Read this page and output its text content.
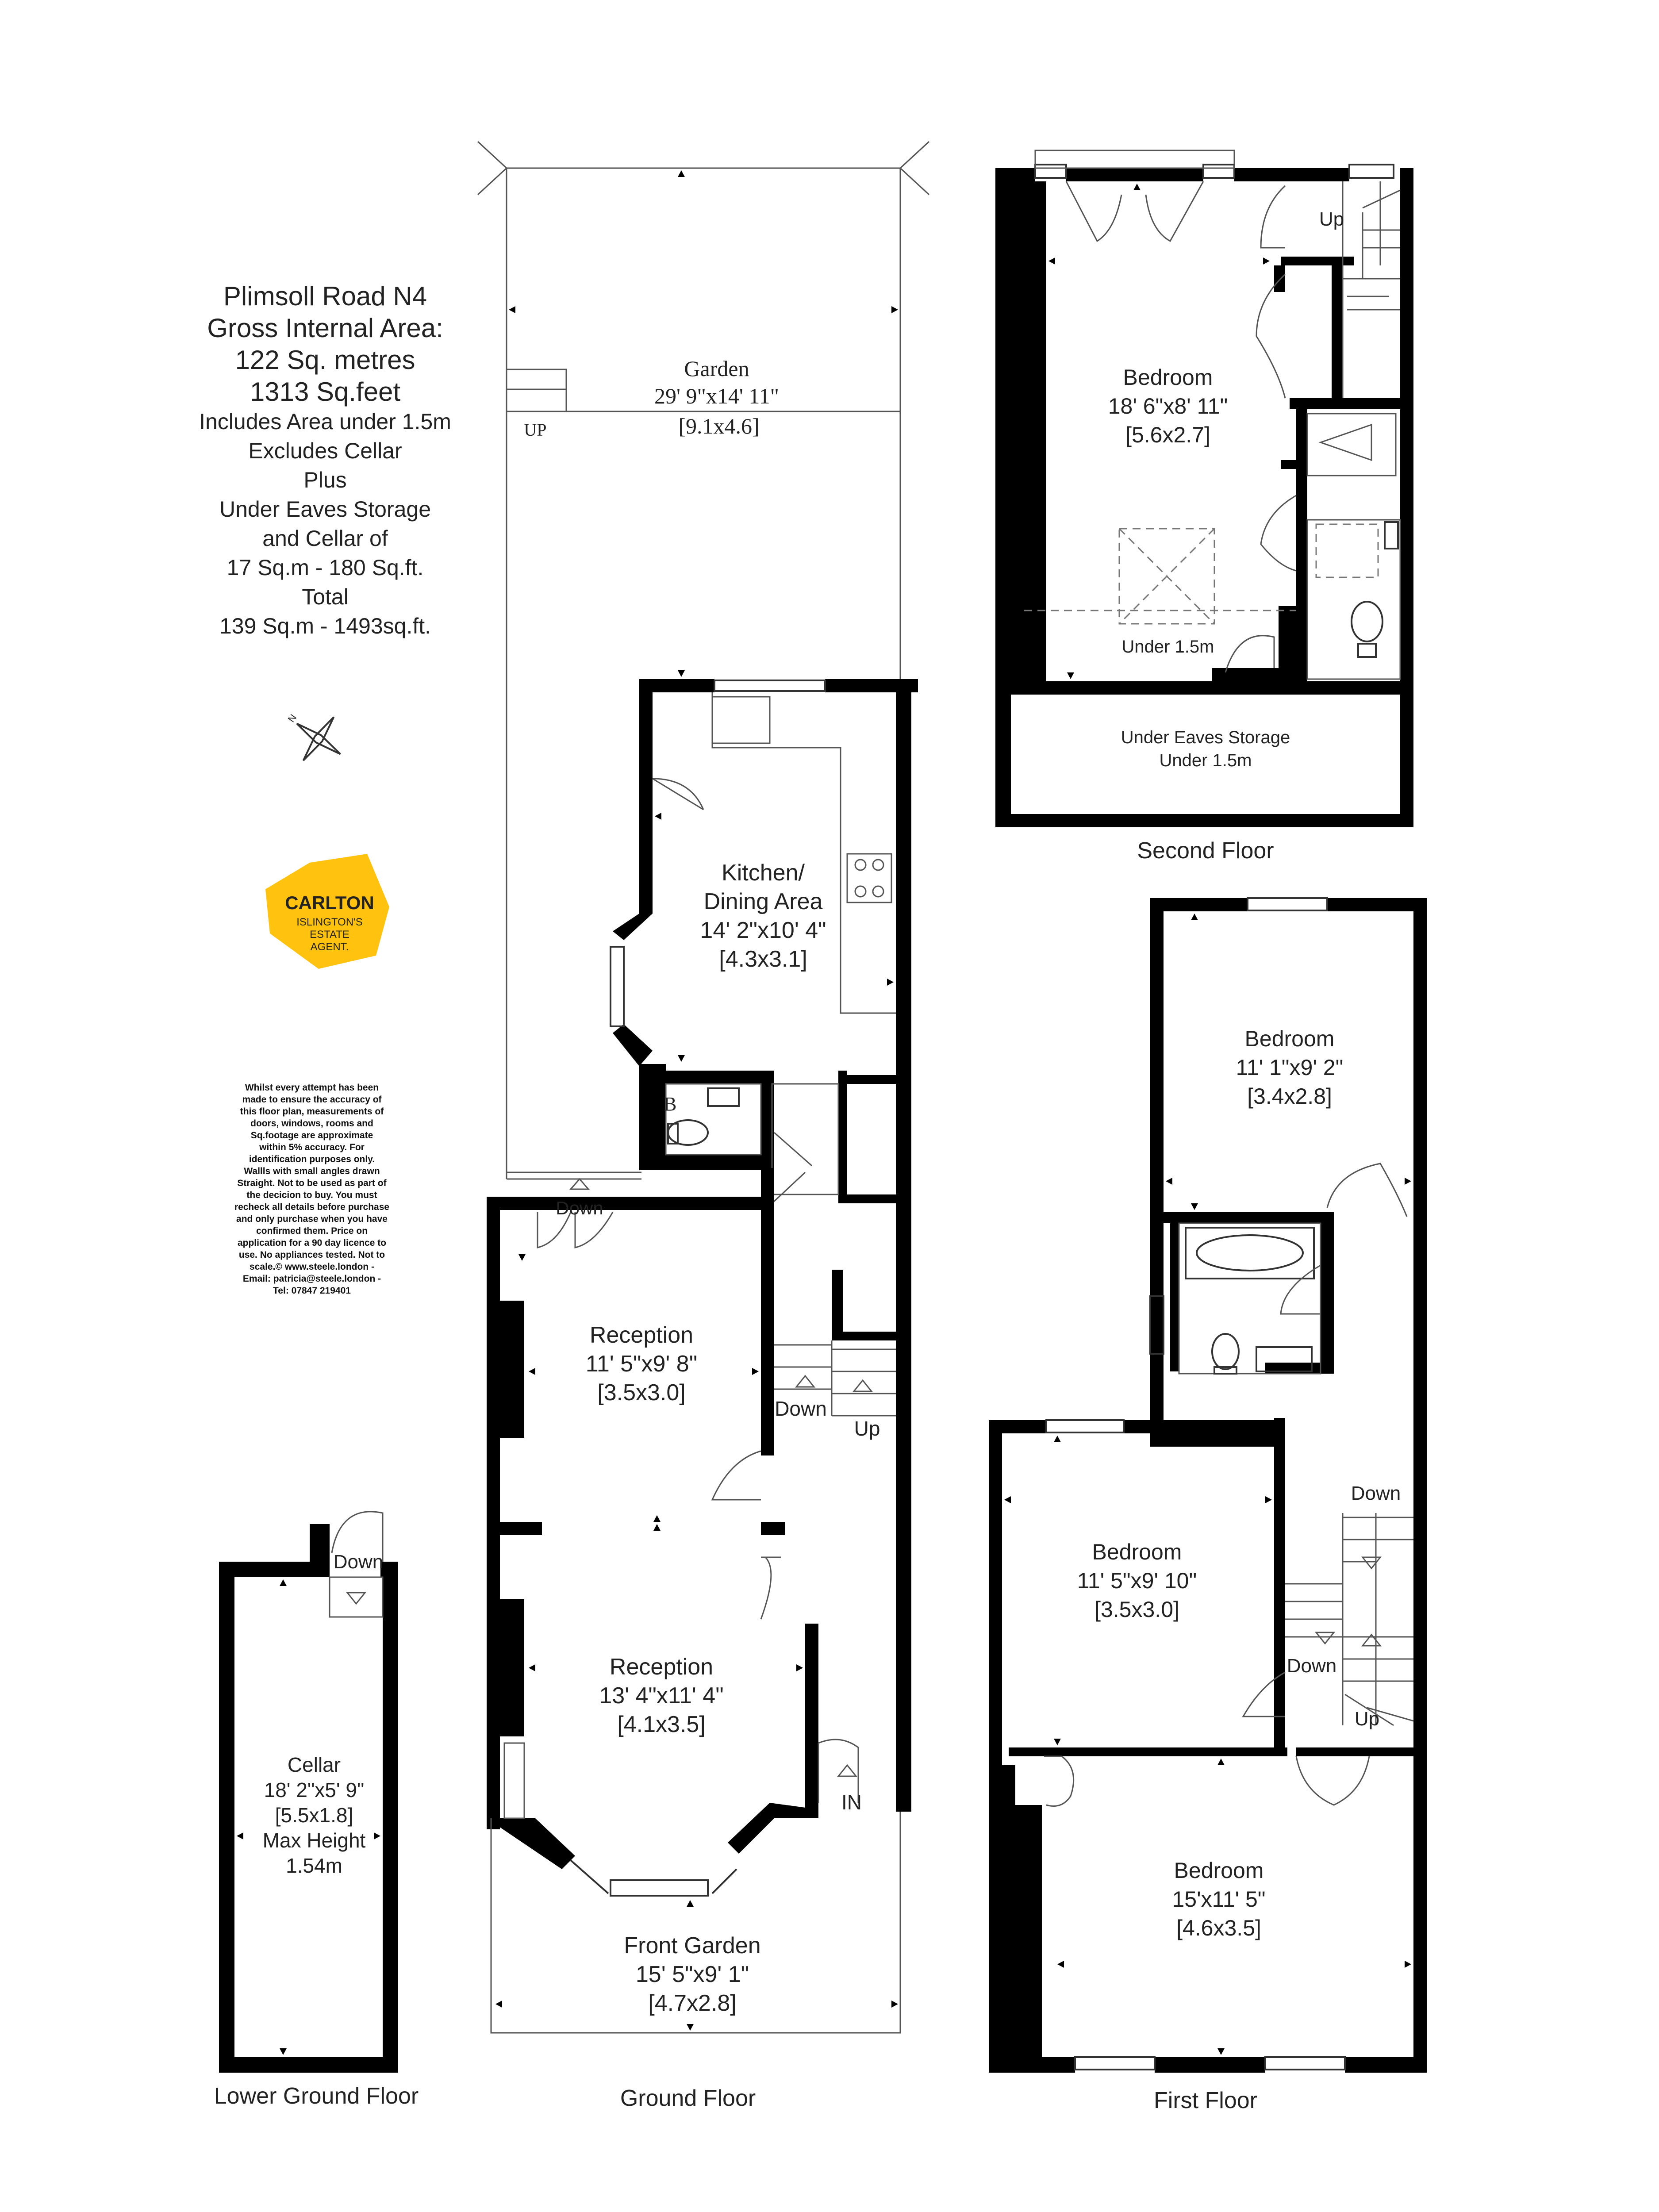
Plimsoll Road N4
Gross Internal Area:
122 Sq. metres
1313 Sq.feet
Includes Area under 1.5m
Excludes Cellar
Plus
Under Eaves Storage
and Cellar of
17 Sq.m - 180 Sq.ft.
Total
139 Sq.m - 1493sq.ft.
N
CARLTON
ISLINGTON'S
ESTATE
AGENT.
Whilst every attempt has been
made to ensure the accuracy of
this floor plan, measurements of
doors, windows, rooms and
Sq.footage are approximate
within 5% accuracy. For
identification purposes only.
Wallls with small angles drawn
Straight. Not to be used as part of
the decicion to buy. You must
recheck all details before purchase
and only purchase when you have
confirmed them. Price on
application for a 90 day licence to
use. No appliances tested. Not to
scale.© www.steele.london -
Email: patricia@steele.london -
Tel: 07847 219401
B
Down
Up
IN
Down
Garden
29' 9"x14' 11"
[9.1x4.6]
UP
Kitchen/
Dining Area
14' 2"x10' 4"
[4.3x3.1]
Reception
11' 5"x9' 8"
[3.5x3.0]
Reception
13' 4"x11' 4"
[4.1x3.5]
Front Garden
15' 5"x9' 1"
[4.7x2.8]
Ground Floor
Down
Cellar
18' 2"x5' 9"
[5.5x1.8]
Max Height
1.54m
Lower Ground Floor
Up
Bedroom
18' 6"x8' 11"
[5.6x2.7]
Under 1.5m
Under Eaves Storage
Under 1.5m
Second Floor
Down
Down
Up
Bedroom
11' 1"x9' 2"
[3.4x2.8]
Bedroom
11' 5"x9' 10"
[3.5x3.0]
Bedroom
15'x11' 5"
[4.6x3.5]
First Floor
